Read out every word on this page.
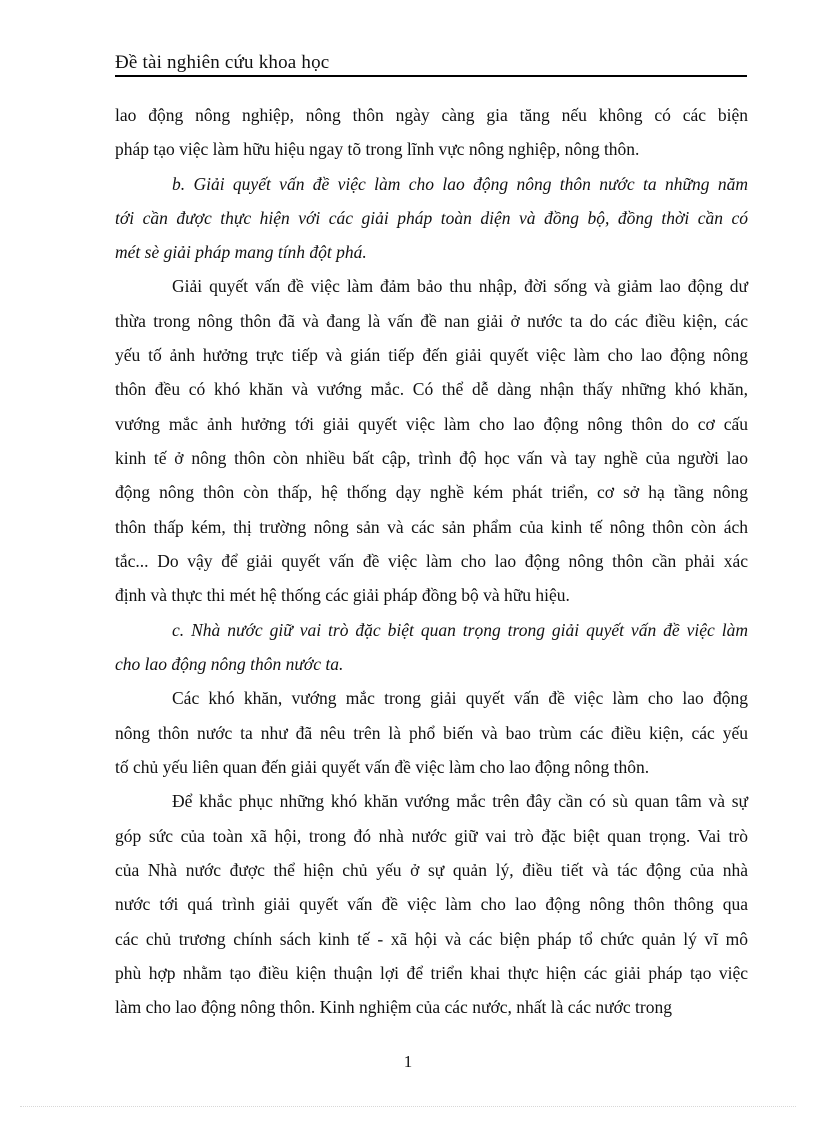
Đề tài nghiên cứu khoa học
lao động nông nghiệp, nông thôn ngày càng gia tăng nếu không có các biện
pháp tạo việc làm hữu hiệu ngay tõ trong lĩnh vực nông nghiệp, nông thôn.
b. Giải quyết vấn đề việc làm cho lao động nông thôn nước ta những năm
tới cần được thực hiện với các giải pháp toàn diện và đồng bộ, đồng thời cần có
mét sè giải pháp mang tính đột phá.
Giải quyết vấn đề việc làm đảm bảo thu nhập, đời sống và giảm lao động dư
thừa trong nông thôn đã và đang là vấn đề nan giải ở nước ta do các điều kiện, các
yếu tố ảnh hưởng trực tiếp và gián tiếp đến giải quyết việc làm cho lao động nông
thôn đều có khó khăn và vướng mắc. Có thể dễ dàng nhận thấy những khó khăn,
vướng mắc ảnh hưởng tới giải quyết việc làm cho lao động nông thôn do cơ cấu
kinh tế ở nông thôn còn nhiều bất cập, trình độ học vấn và tay nghề của người lao
động nông thôn còn thấp, hệ thống dạy nghề kém phát triển, cơ sở hạ tầng nông
thôn thấp kém, thị trường nông sản và các sản phẩm của kinh tế nông thôn còn ách
tắc... Do vậy để giải quyết vấn đề việc làm cho lao động nông thôn cần phải xác
định và thực thi mét hệ thống các giải pháp đồng bộ và hữu hiệu.
c. Nhà nước giữ vai trò đặc biệt quan trọng trong giải quyết vấn đề việc làm
cho lao động nông thôn nước ta.
Các khó khăn, vướng mắc trong giải quyết vấn đề việc làm cho lao động
nông thôn nước ta như đã nêu trên là phổ biến và bao trùm các điều kiện, các yếu
tố chủ yếu liên quan đến giải quyết vấn đề việc làm cho lao động nông thôn.
Để khắc phục những khó khăn vướng mắc trên đây cần có sù quan tâm và sự
góp sức của toàn xã hội, trong đó nhà nước giữ vai trò đặc biệt quan trọng. Vai trò
của Nhà nước được thể hiện chủ yếu ở sự quản lý, điều tiết và tác động của nhà
nước tới quá trình giải quyết vấn đề việc làm cho lao động nông thôn thông qua
các chủ trương chính sách kinh tế - xã hội và các biện pháp tổ chức quản lý vĩ mô
phù hợp nhằm tạo điều kiện thuận lợi để triển khai thực hiện các giải pháp tạo việc
làm cho lao động nông thôn. Kinh nghiệm của các nước, nhất là các nước trong
1
